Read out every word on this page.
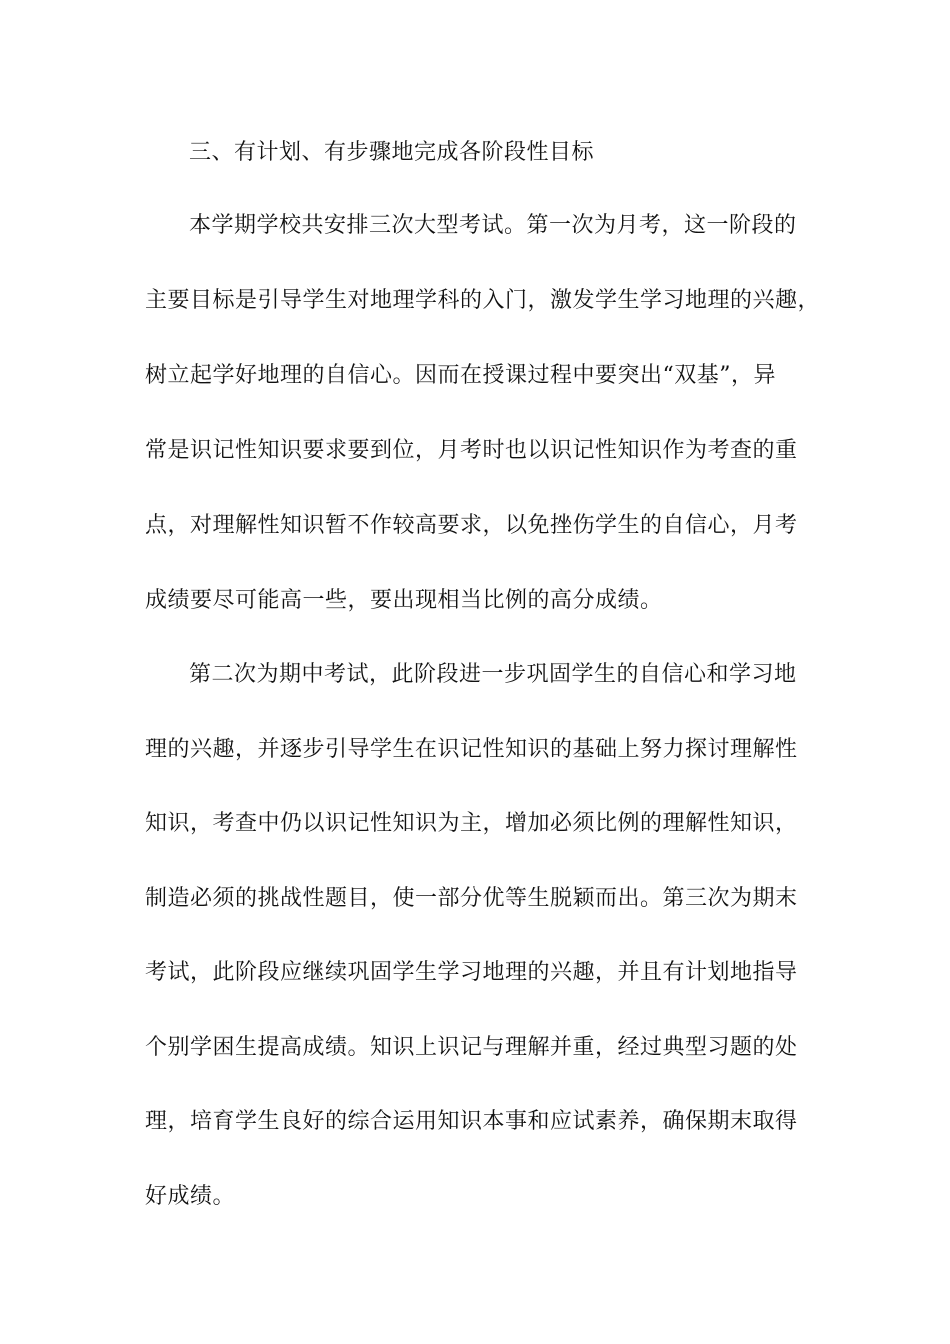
三、有计划、有步骤地完成各阶段性目标
本学期学校共安排三次大型考试。第一次为月考，这一阶段的
主要目标是引导学生对地理学科的入门，激发学生学习地理的兴趣，
树立起学好地理的自信心。因而在授课过程中要突出“双基”，异
常是识记性知识要求要到位，月考时也以识记性知识作为考查的重
点，对理解性知识暂不作较高要求，以免挫伤学生的自信心，月考
成绩要尽可能高一些，要出现相当比例的高分成绩。
第二次为期中考试，此阶段进一步巩固学生的自信心和学习地
理的兴趣，并逐步引导学生在识记性知识的基础上努力探讨理解性
知识，考查中仍以识记性知识为主，增加必须比例的理解性知识，
制造必须的挑战性题目，使一部分优等生脱颖而出。第三次为期末
考试，此阶段应继续巩固学生学习地理的兴趣，并且有计划地指导
个别学困生提高成绩。知识上识记与理解并重，经过典型习题的处
理，培育学生良好的综合运用知识本事和应试素养，确保期末取得
好成绩。
